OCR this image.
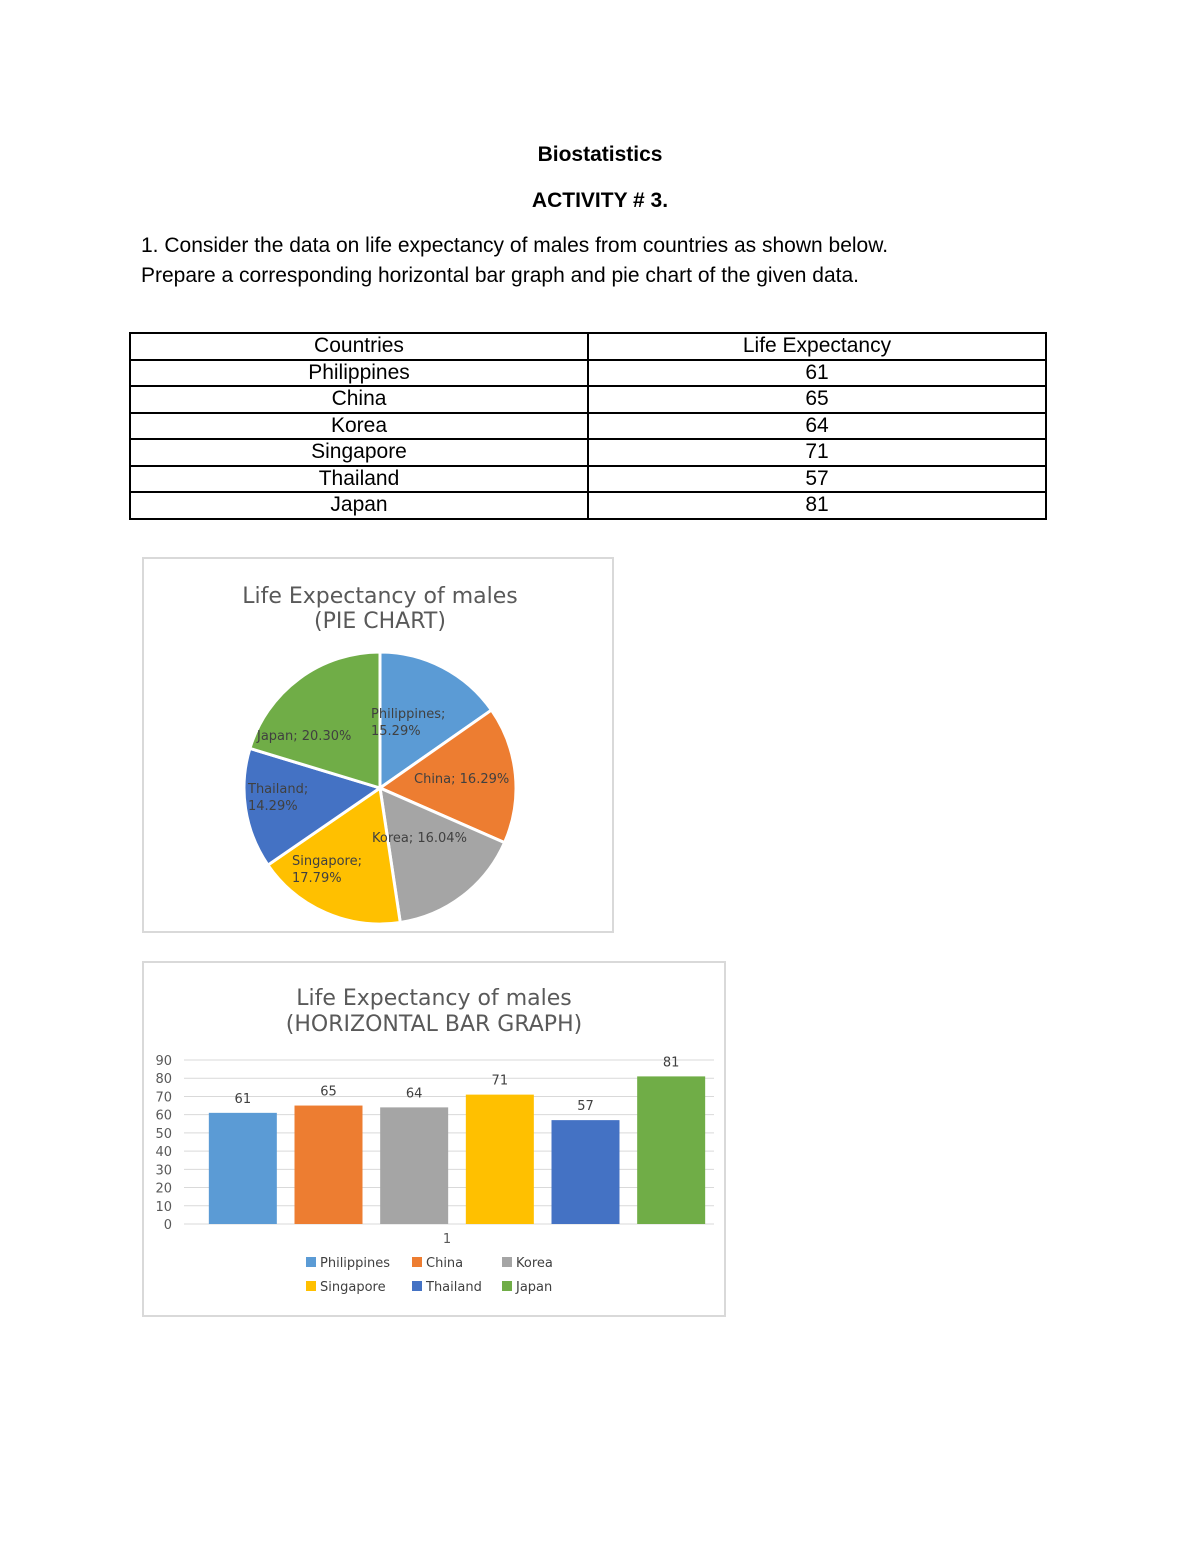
Biostatistics
ACTIVITY # 3.

1. Consider the data on life expectancy of males from countries as shown below.

Prepare a corresponding horizontal bar graph and pie chart of the given data.

Countries	Life Expectancy
Philippines	61
China	65
Korea	64
Singapore	71
Thailand	57
Japan	81
Life Expectancy of males
(PIE CHART)
Philippines; 15.29%
China; 16.29%
Korea; 16.04%
Singapore; 17.79%
Thailand; 14.29%
Japan; 20.30%
Life Expectancy of males
(HORIZONTAL BAR GRAPH)
0
10
20
30
40
50
60
70
80
90
61	65	64
71
57
81
1
Philippines	China	Korea
Singapore	Thailand	Japan
